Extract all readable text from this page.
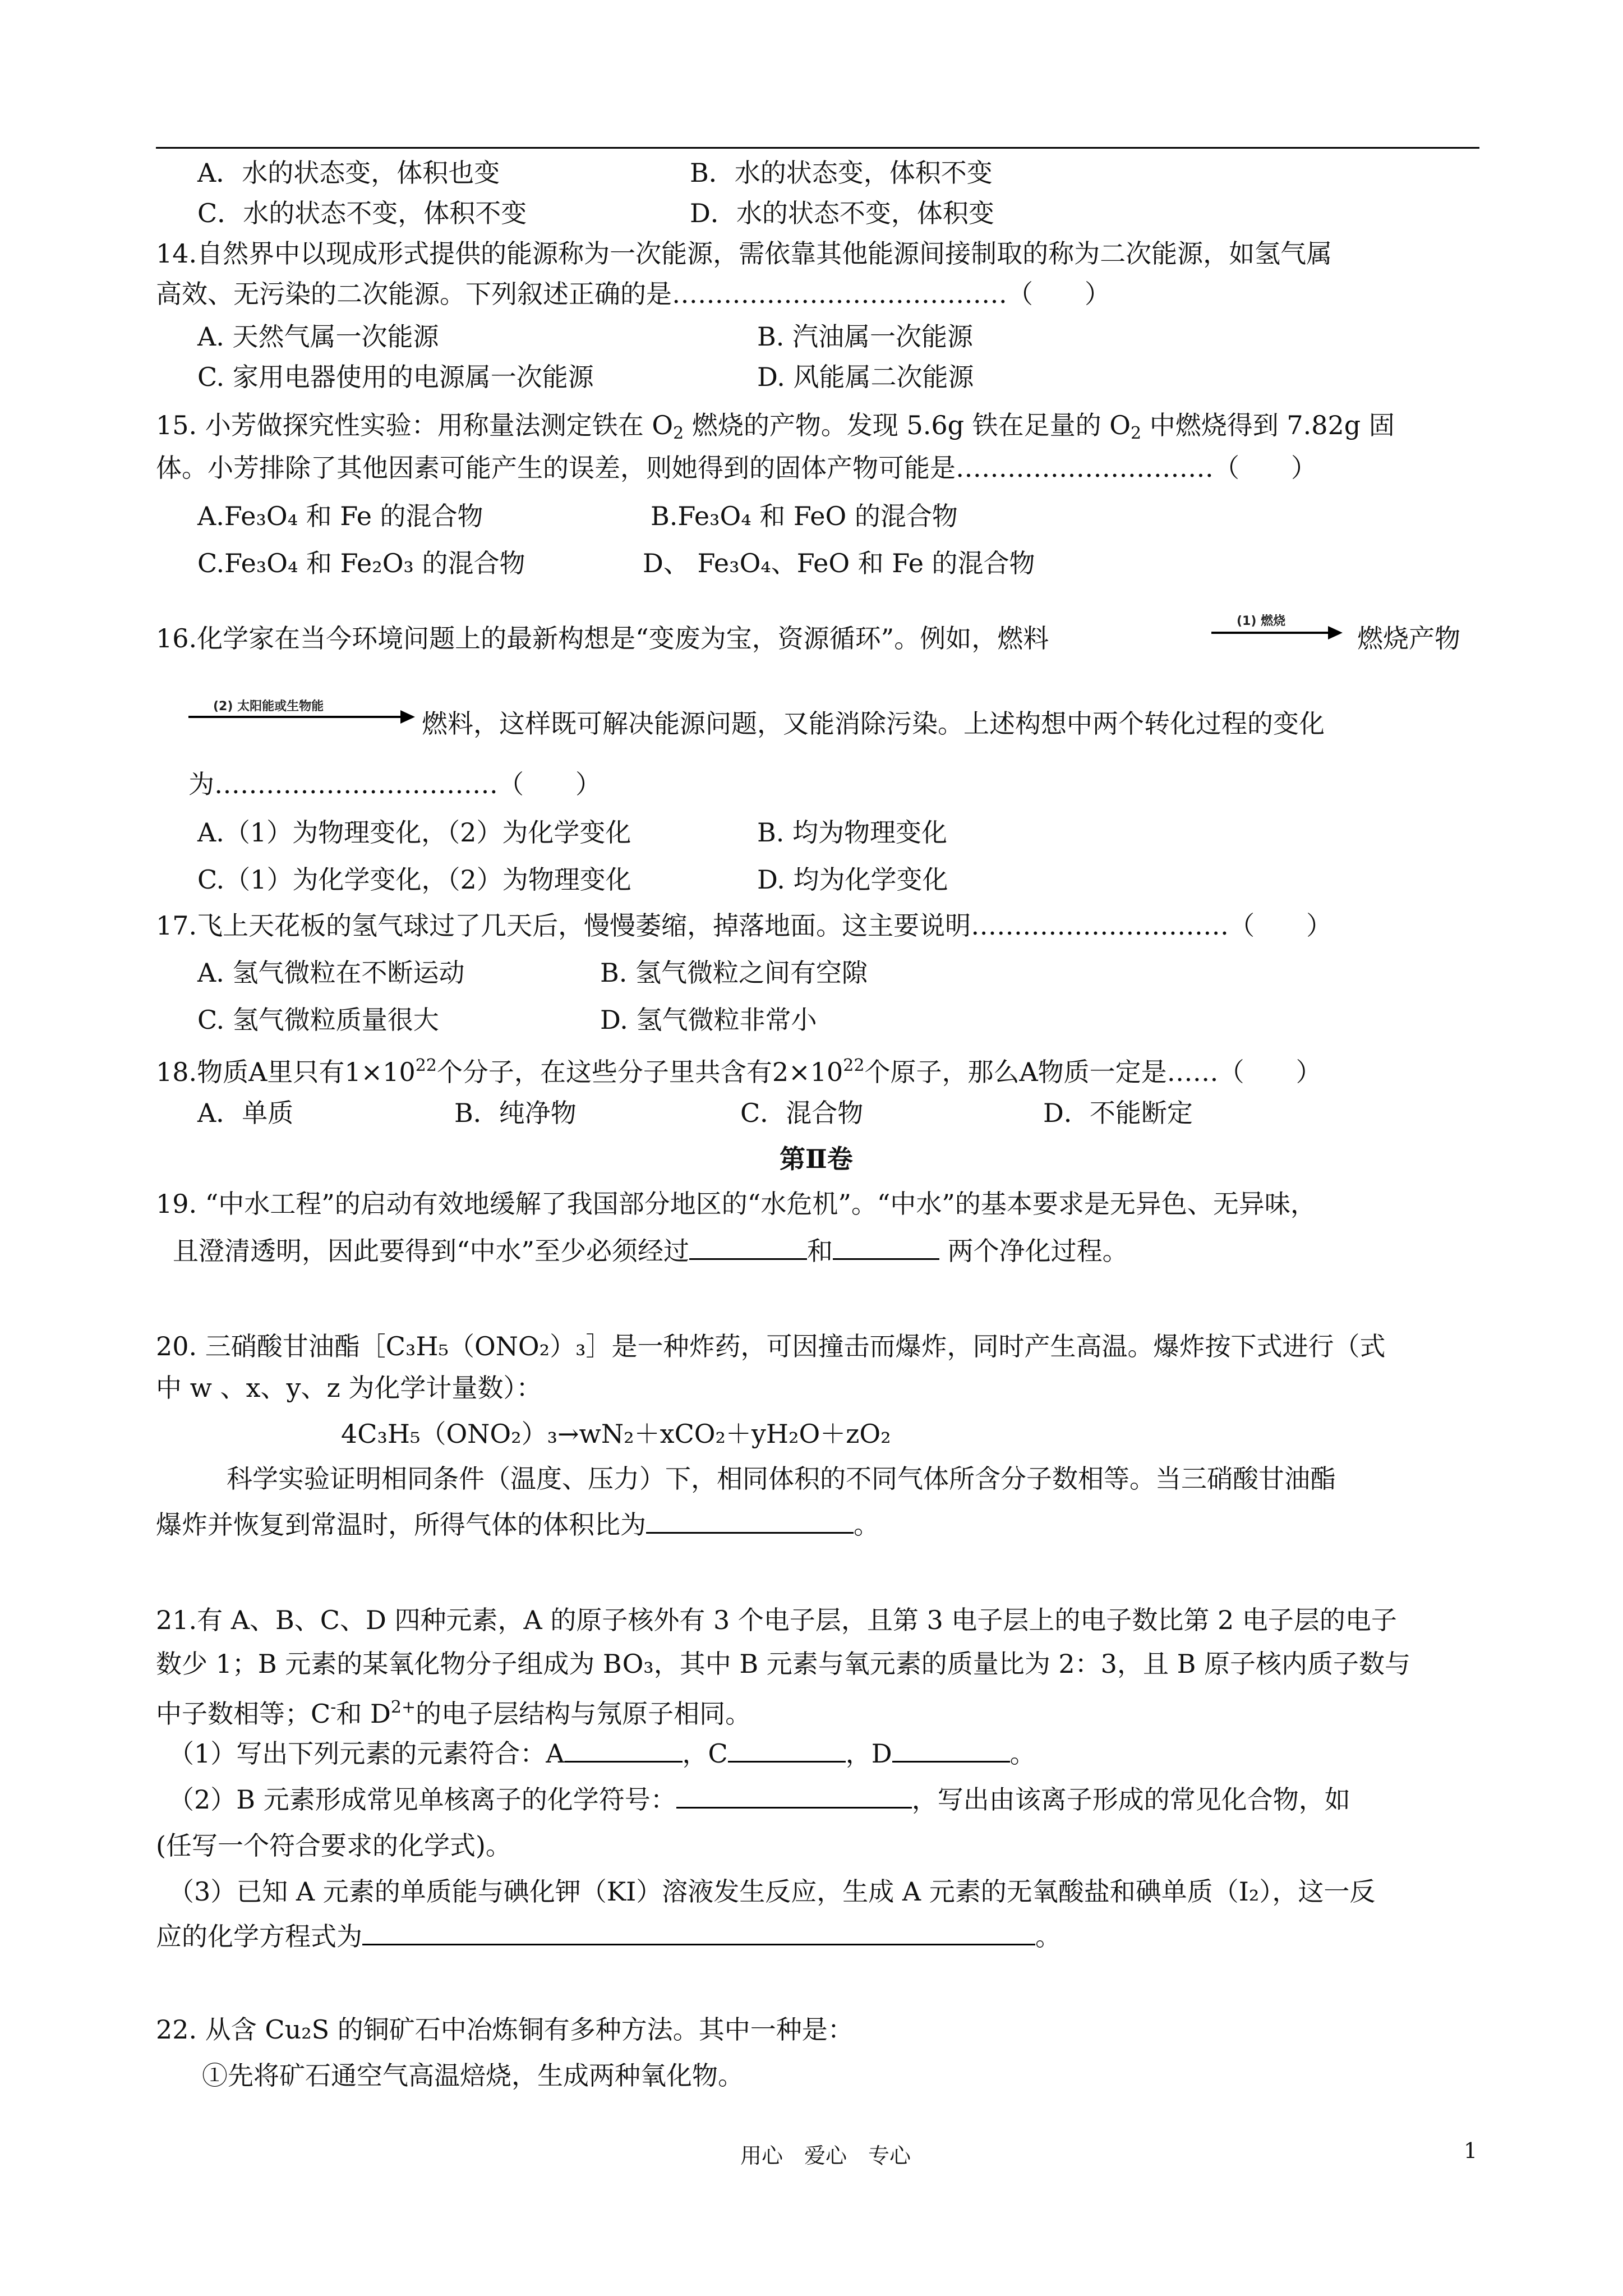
A．水的状态变，体积也变	B．水的状态变，体积不变
C．水的状态不变，体积不变	D．水的状态不变，体积变
14.自然界中以现成形式提供的能源称为一次能源，需依靠其他能源间接制取的称为二次能源，如氢气属
高效、无污染的二次能源。下列叙述正确的是…………………………………（　　）
A. 天然气属一次能源	B. 汽油属一次能源
C. 家用电器使用的电源属一次能源	D. 风能属二次能源
15. 小芳做探究性实验：用称量法测定铁在 $O_2$ 燃烧的产物。发现 5.6g 铁在足量的 $O_2$ 中燃烧得到 7.82g 固
体。小芳排除了其他因素可能产生的误差，则她得到的固体产物可能是…………………………（　　）
A.Fe₃O₄ 和 Fe 的混合物	B.Fe₃O₄ 和 FeO 的混合物
C.Fe₃O₄ 和 Fe₂O₃ 的混合物	D、 Fe₃O₄、FeO 和 Fe 的混合物
16.化学家在当今环境问题上的最新构想是“变废为宝，资源循环”。例如，燃料
(1) 燃烧
燃烧产物
(2) 太阳能或生物能
燃料，这样既可解决能源问题，又能消除污染。上述构想中两个转化过程的变化
为……………………………（　　）
A.（1）为物理变化，（2）为化学变化	B. 均为物理变化
C.（1）为化学变化，（2）为物理变化	D. 均为化学变化
17.飞上天花板的氢气球过了几天后，慢慢萎缩，掉落地面。这主要说明…………………………（　　）
A. 氢气微粒在不断运动	B. 氢气微粒之间有空隙
C. 氢气微粒质量很大	D. 氢气微粒非常小
18.物质A里只有$1\times 10^{22}$个分子，在这些分子里共含有$2\times 10^{22}$个原子，那么A物质一定是……（　　）
A．单质	B．纯净物	C．混合物	D．不能断定
第Ⅱ卷
19. “中水工程”的启动有效地缓解了我国部分地区的“水危机”。“中水”的基本要求是无异色、无异味，
且澄清透明，因此要得到“中水”至少必须经过	和	两个净化过程。
20. 三硝酸甘油酯［C₃H₅（ONO₂）₃］是一种炸药，可因撞击而爆炸，同时产生高温。爆炸按下式进行（式
中 w 、x、y、z 为化学计量数）：
4C₃H₅（ONO₂）₃→wN₂＋xCO₂＋yH₂O＋zO₂
科学实验证明相同条件（温度、压力）下，相同体积的不同气体所含分子数相等。当三硝酸甘油酯
爆炸并恢复到常温时，所得气体的体积比为	。
21.有 A、B、C、D 四种元素，A 的原子核外有 3 个电子层，且第 3 电子层上的电子数比第 2 电子层的电子
数少 1；B 元素的某氧化物分子组成为 BO₃，其中 B 元素与氧元素的质量比为 2：3，且 B 原子核内质子数与
中子数相等；C-和 $D^{2+}$的电子层结构与氖原子相同。
（1）写出下列元素的元素符合：A	，C	，D	。
（2）B 元素形成常见单核离子的化学符号：	，写出由该离子形成的常见化合物，如
(任写一个符合要求的化学式)。
（3）已知 A 元素的单质能与碘化钾（KI）溶液发生反应，生成 A 元素的无氧酸盐和碘单质（I₂），这一反
应的化学方程式为	。
22. 从含 Cu₂S 的铜矿石中冶炼铜有多种方法。其中一种是：
①先将矿石通空气高温焙烧，生成两种氧化物。
用心　爱心　专心	1
